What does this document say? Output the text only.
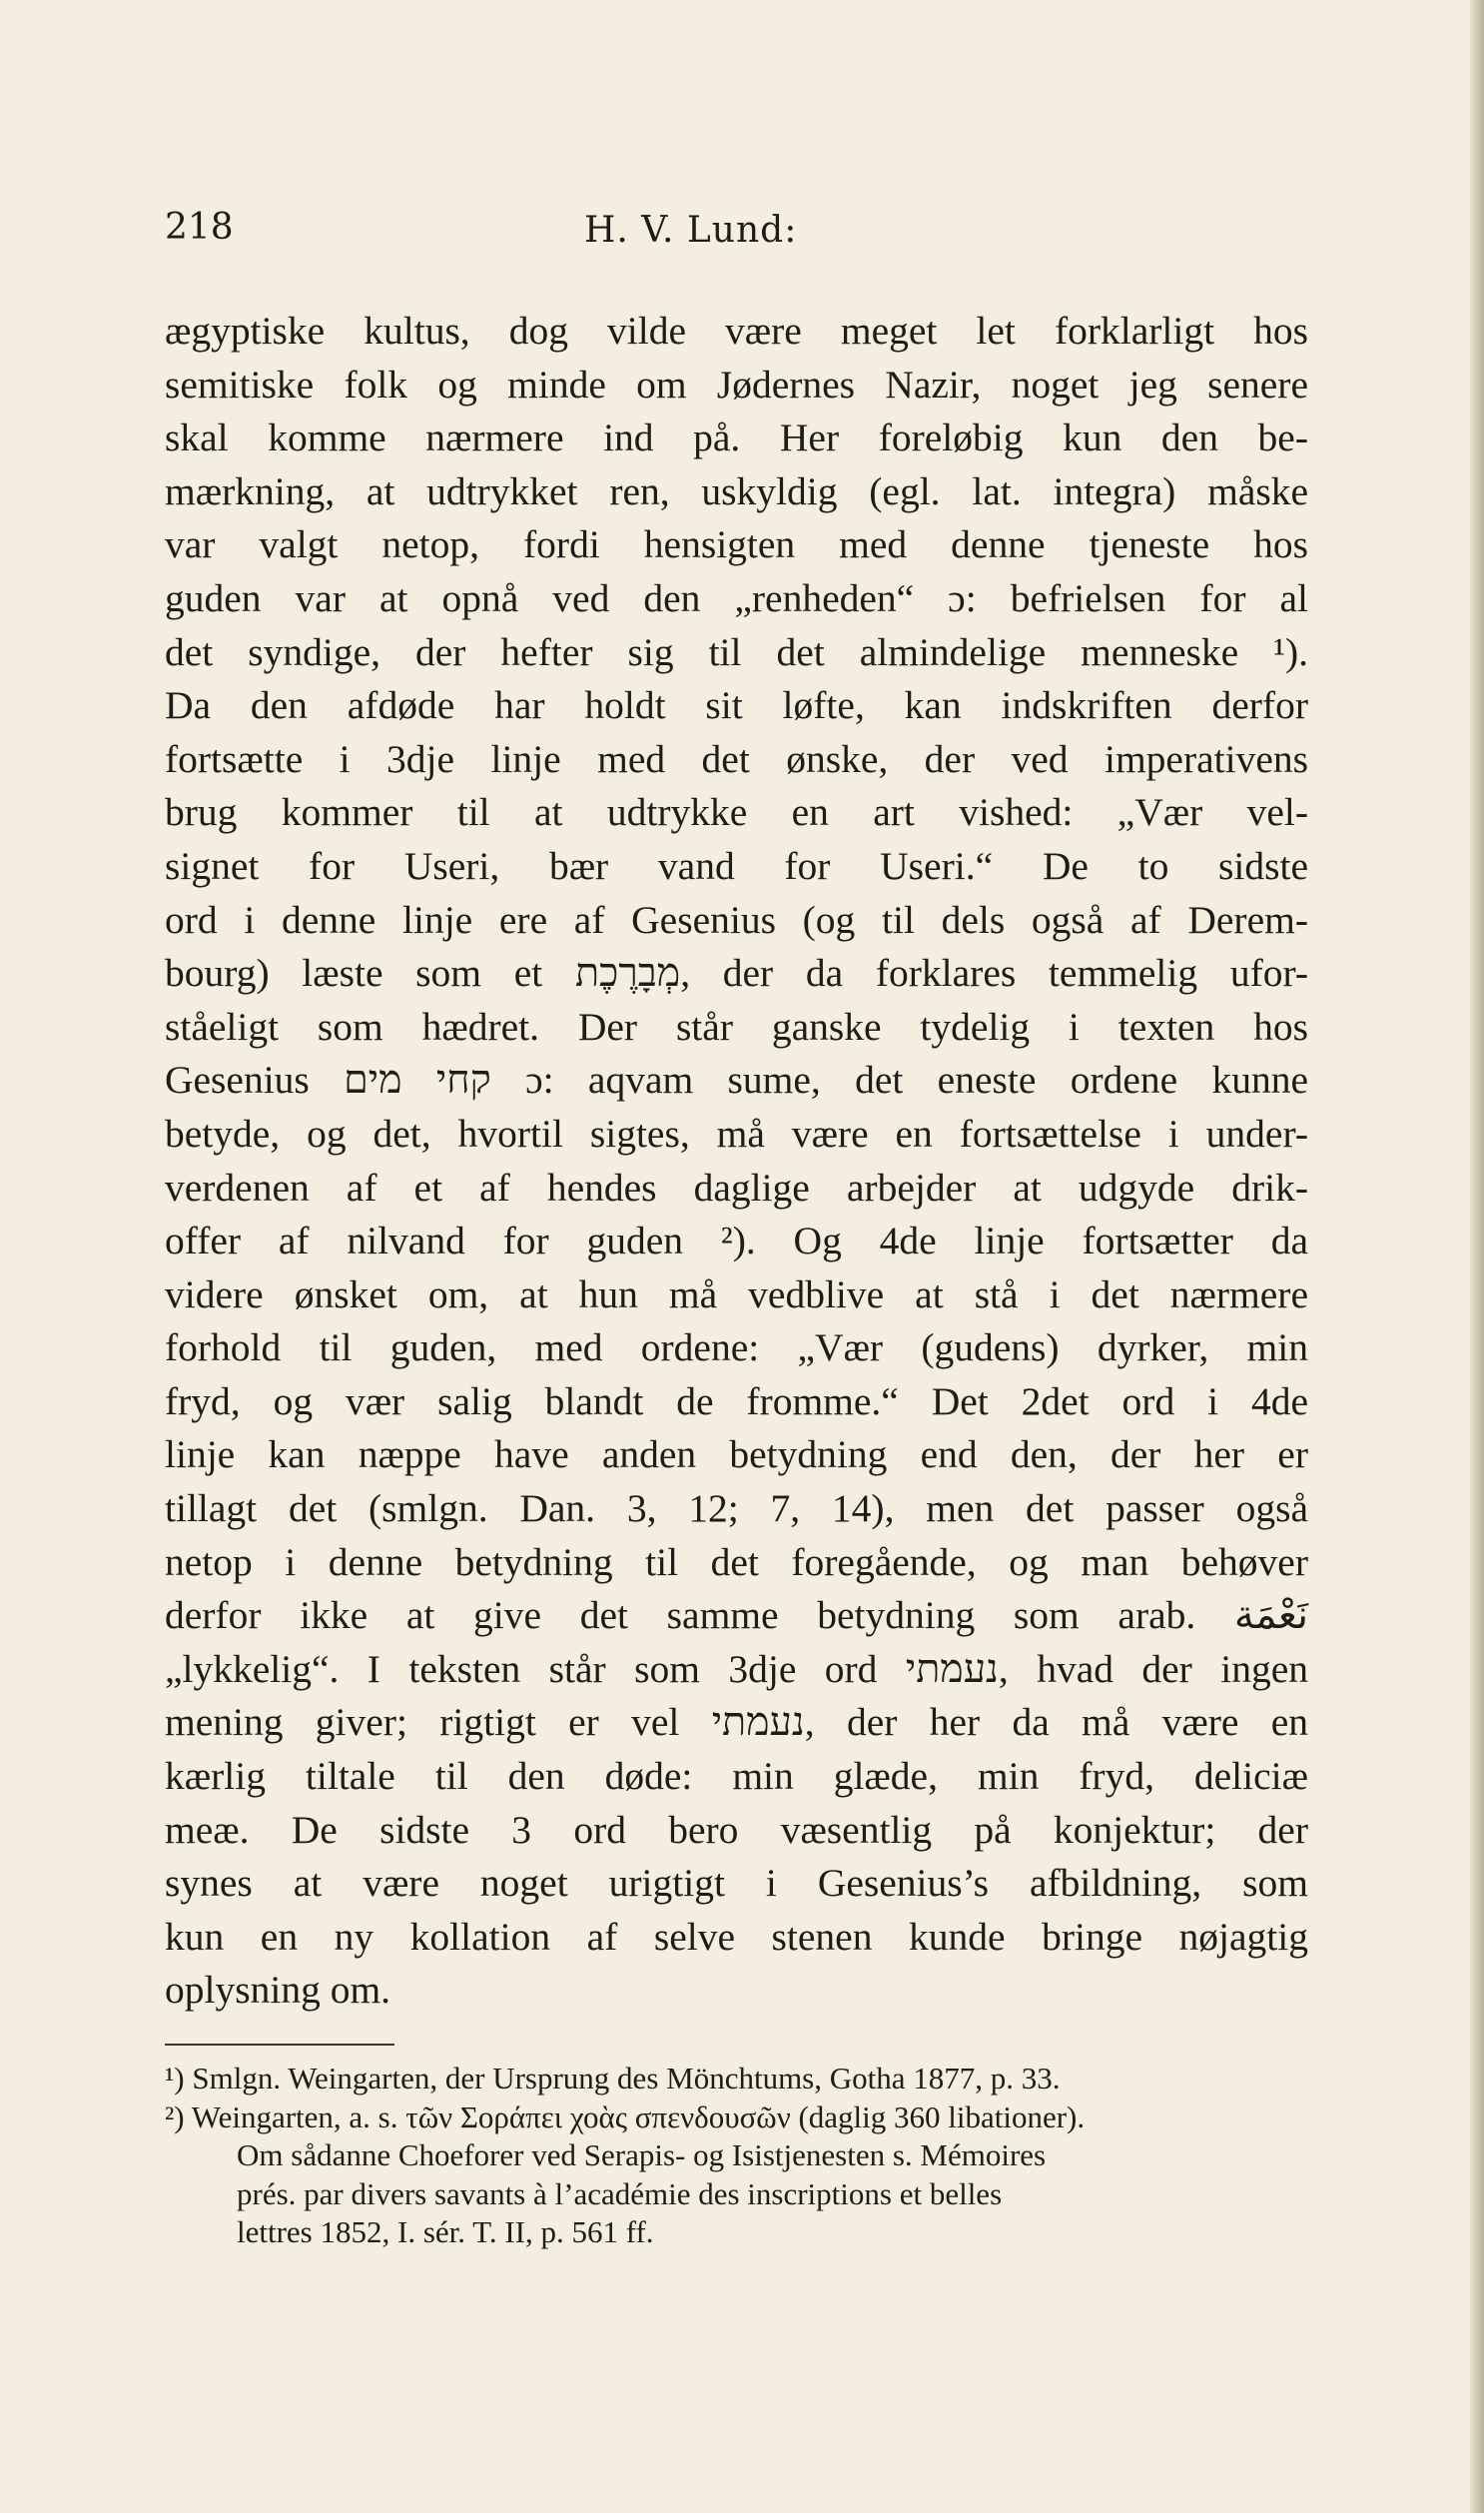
218	H. V. Lund:
ægyptiske kultus, dog vilde være meget let forklarligt hos
semitiske folk og minde om Jødernes Nazir, noget jeg senere
skal komme nærmere ind på. Her foreløbig kun den be-
mærkning, at udtrykket ren, uskyldig (egl. lat. integra) måske
var valgt netop, fordi hensigten med denne tjeneste hos
guden var at opnå ved den „renheden“ ɔ: befrielsen for al
det syndige, der hefter sig til det almindelige menneske ¹).
Da den afdøde har holdt sit løfte, kan indskriften derfor
fortsætte i 3dje linje med det ønske, der ved imperativens
brug kommer til at udtrykke en art vished: „Vær vel-
signet for Useri, bær vand for Useri.“ De to sidste
ord i denne linje ere af Gesenius (og til dels også af Derem-
bourg) læste som et מְבָרֶכֶת, der da forklares temmelig ufor-
ståeligt som hædret. Der står ganske tydelig i texten hos
Gesenius קחי מים ɔ: aqvam sume, det eneste ordene kunne
betyde, og det, hvortil sigtes, må være en fortsættelse i under-
verdenen af et af hendes daglige arbejder at udgyde drik-
offer af nilvand for guden ²). Og 4de linje fortsætter da
videre ønsket om, at hun må vedblive at stå i det nærmere
forhold til guden, med ordene: „Vær (gudens) dyrker, min
fryd, og vær salig blandt de fromme.“ Det 2det ord i 4de
linje kan næppe have anden betydning end den, der her er
tillagt det (smlgn. Dan. 3, 12; 7, 14), men det passer også
netop i denne betydning til det foregående, og man behøver
derfor ikke at give det samme betydning som arab. نَعْمَة
„lykkelig“. I teksten står som 3dje ord נעמתי, hvad der ingen
mening giver; rigtigt er vel נעמתי, der her da må være en
kærlig tiltale til den døde: min glæde, min fryd, deliciæ
meæ. De sidste 3 ord bero væsentlig på konjektur; der
synes at være noget urigtigt i Gesenius’s afbildning, som
kun en ny kollation af selve stenen kunde bringe nøjagtig
oplysning om.
¹) Smlgn. Weingarten, der Ursprung des Mönchtums, Gotha 1877, p. 33.
²) Weingarten, a. s. τῶν Σοράπει χοὰς σπενδουσῶν (daglig 360 libationer).
Om sådanne Choeforer ved Serapis- og Isistjenesten s. Mémoires
prés. par divers savants à l’académie des inscriptions et belles
lettres 1852, I. sér. T. II, p. 561 ff.
